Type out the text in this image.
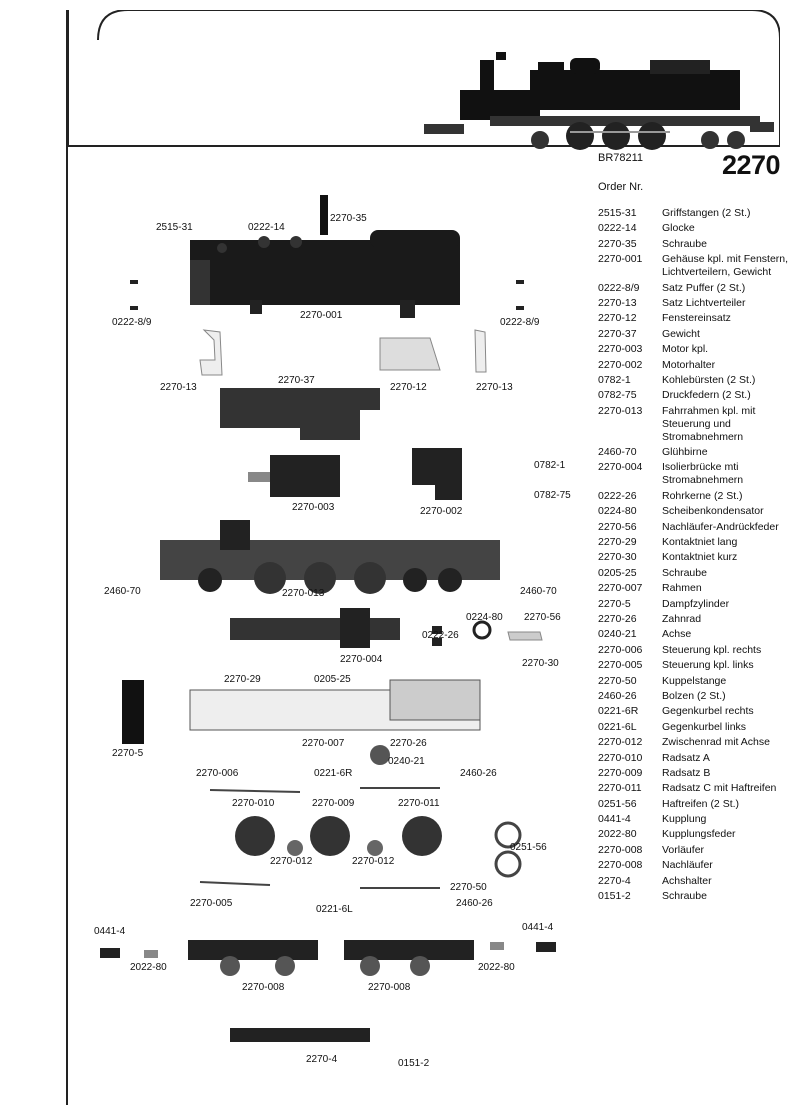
BR78211	2270
Order Nr.
2515-31	Griffstangen (2 St.)
0222-14	Glocke
2270-35	Schraube
2270-001	Gehäuse kpl. mit Fenstern, Lichtverteilern, Gewicht
0222-8/9	Satz Puffer (2 St.)
2270-13	Satz Lichtverteiler
2270-12	Fenstereinsatz
2270-37	Gewicht
2270-003	Motor kpl.
2270-002	Motorhalter
0782-1	Kohlebürsten (2 St.)
0782-75	Druckfedern (2 St.)
2270-013	Fahrrahmen kpl. mit Steuerung und Stromabnehmern
2460-70	Glühbirne
2270-004	Isolierbrücke mti Stromabnehmern
0222-26	Rohrkerne (2 St.)
0224-80	Scheibenkondensator
2270-56	Nachläufer-Andrückfeder
2270-29	Kontaktniet lang
2270-30	Kontaktniet kurz
0205-25	Schraube
2270-007	Rahmen
2270-5	Dampfzylinder
2270-26	Zahnrad
0240-21	Achse
2270-006	Steuerung kpl. rechts
2270-005	Steuerung kpl. links
2270-50	Kuppelstange
2460-26	Bolzen (2 St.)
0221-6R	Gegenkurbel rechts
0221-6L	Gegenkurbel links
2270-012	Zwischenrad mit Achse
2270-010	Radsatz A
2270-009	Radsatz B
2270-011	Radsatz C mit Haftreifen
0251-56	Haftreifen (2 St.)
0441-4	Kupplung
2022-80	Kupplungsfeder
2270-008	Vorläufer
2270-008	Nachläufer
2270-4	Achshalter
0151-2	Schraube
2515-31	0222-14
2270-35
2270-001
0222-8/9	0222-8/9
2270-37
2270-13	2270-12	2270-13
0782-1
0782-75
2270-003	2270-002
2460-70	2270-013	2460-70
0224-80 2270-56
0222-26
2270-004	2270-30
2270-29	0205-25
2270-5
2270-007	2270-26
0240-21
2270-006	0221-6R	2460-26
2270-010	2270-009	2270-011
0251-56
2270-012	2270-012
2270-50
2270-005
0221-6L
2460-26
0441-4	0441-4
2022-80	2022-80
2270-008	2270-008
2270-4	0151-2
